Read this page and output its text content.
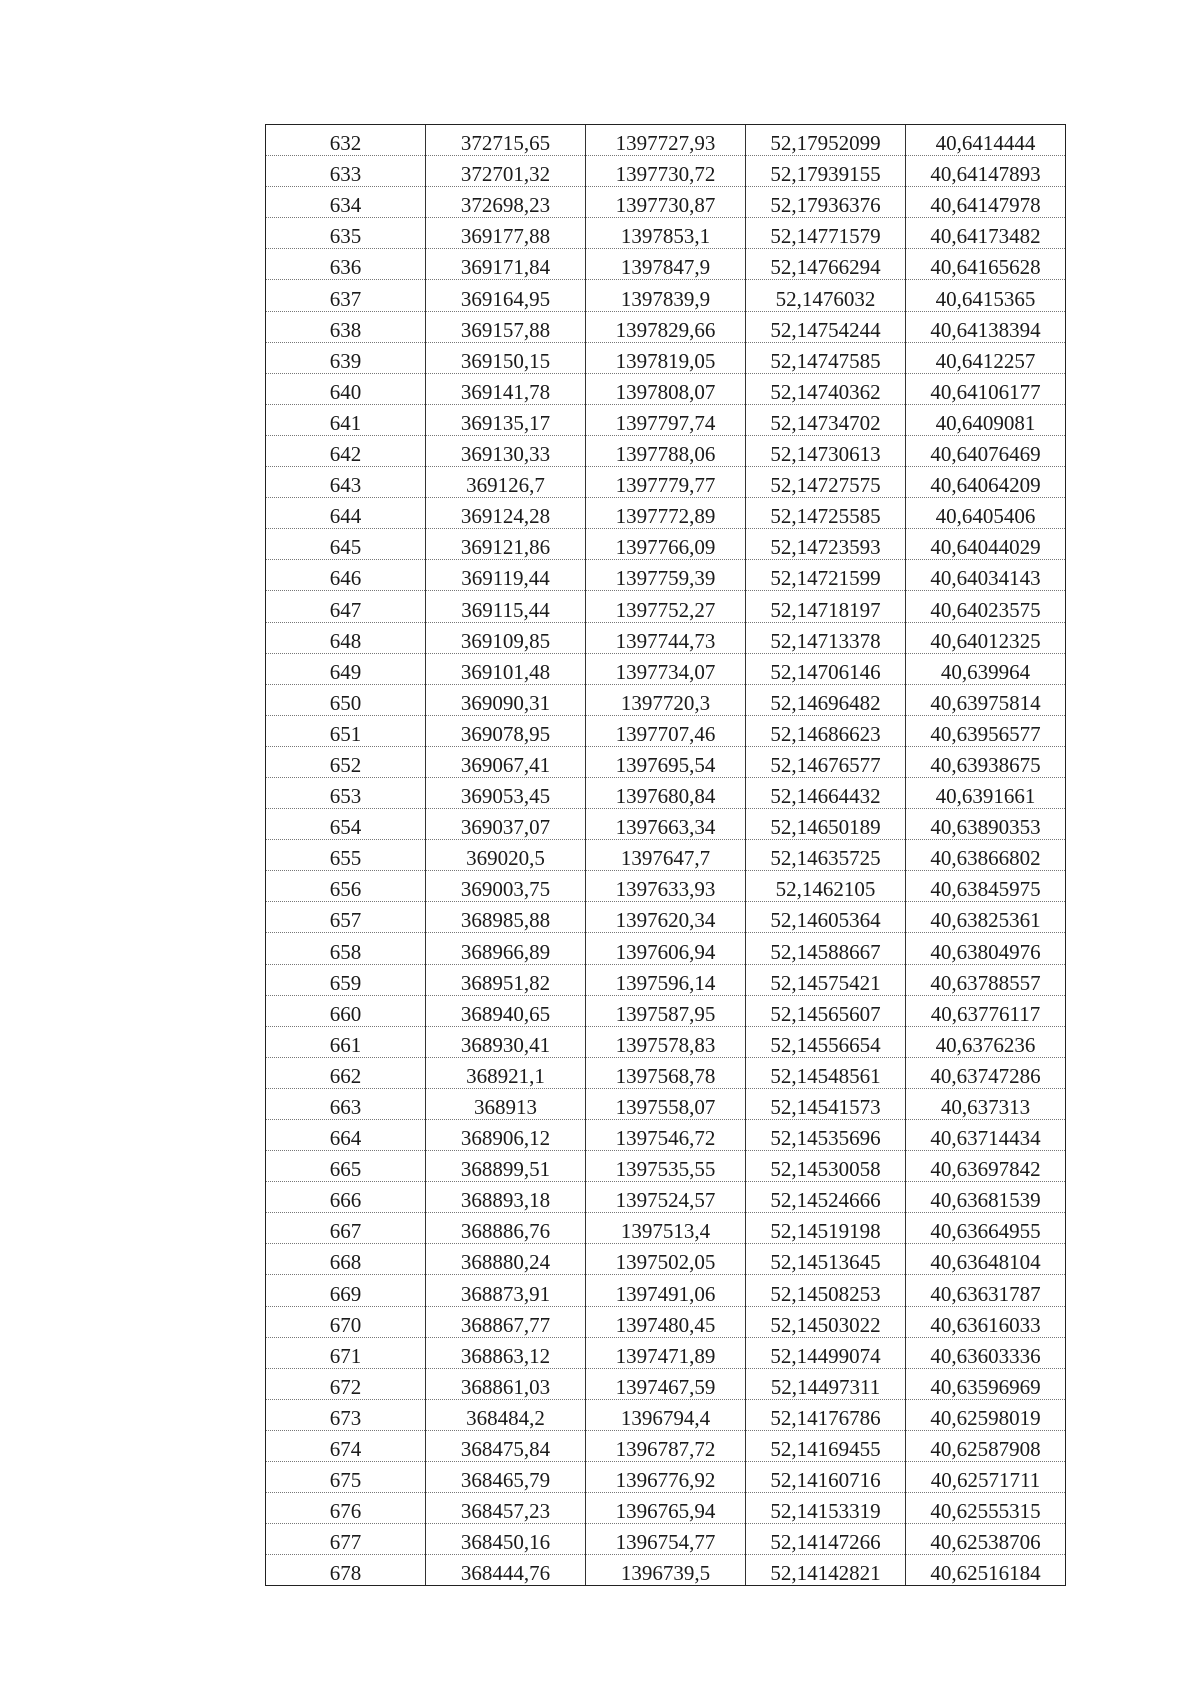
632	372715,65	1397727,93	52,17952099	40,6414444
633	372701,32	1397730,72	52,17939155	40,64147893
634	372698,23	1397730,87	52,17936376	40,64147978
635	369177,88	1397853,1	52,14771579	40,64173482
636	369171,84	1397847,9	52,14766294	40,64165628
637	369164,95	1397839,9	52,1476032	40,6415365
638	369157,88	1397829,66	52,14754244	40,64138394
639	369150,15	1397819,05	52,14747585	40,6412257
640	369141,78	1397808,07	52,14740362	40,64106177
641	369135,17	1397797,74	52,14734702	40,6409081
642	369130,33	1397788,06	52,14730613	40,64076469
643	369126,7	1397779,77	52,14727575	40,64064209
644	369124,28	1397772,89	52,14725585	40,6405406
645	369121,86	1397766,09	52,14723593	40,64044029
646	369119,44	1397759,39	52,14721599	40,64034143
647	369115,44	1397752,27	52,14718197	40,64023575
648	369109,85	1397744,73	52,14713378	40,64012325
649	369101,48	1397734,07	52,14706146	40,639964
650	369090,31	1397720,3	52,14696482	40,63975814
651	369078,95	1397707,46	52,14686623	40,63956577
652	369067,41	1397695,54	52,14676577	40,63938675
653	369053,45	1397680,84	52,14664432	40,6391661
654	369037,07	1397663,34	52,14650189	40,63890353
655	369020,5	1397647,7	52,14635725	40,63866802
656	369003,75	1397633,93	52,1462105	40,63845975
657	368985,88	1397620,34	52,14605364	40,63825361
658	368966,89	1397606,94	52,14588667	40,63804976
659	368951,82	1397596,14	52,14575421	40,63788557
660	368940,65	1397587,95	52,14565607	40,63776117
661	368930,41	1397578,83	52,14556654	40,6376236
662	368921,1	1397568,78	52,14548561	40,63747286
663	368913	1397558,07	52,14541573	40,637313
664	368906,12	1397546,72	52,14535696	40,63714434
665	368899,51	1397535,55	52,14530058	40,63697842
666	368893,18	1397524,57	52,14524666	40,63681539
667	368886,76	1397513,4	52,14519198	40,63664955
668	368880,24	1397502,05	52,14513645	40,63648104
669	368873,91	1397491,06	52,14508253	40,63631787
670	368867,77	1397480,45	52,14503022	40,63616033
671	368863,12	1397471,89	52,14499074	40,63603336
672	368861,03	1397467,59	52,14497311	40,63596969
673	368484,2	1396794,4	52,14176786	40,62598019
674	368475,84	1396787,72	52,14169455	40,62587908
675	368465,79	1396776,92	52,14160716	40,62571711
676	368457,23	1396765,94	52,14153319	40,62555315
677	368450,16	1396754,77	52,14147266	40,62538706
678	368444,76	1396739,5	52,14142821	40,62516184
